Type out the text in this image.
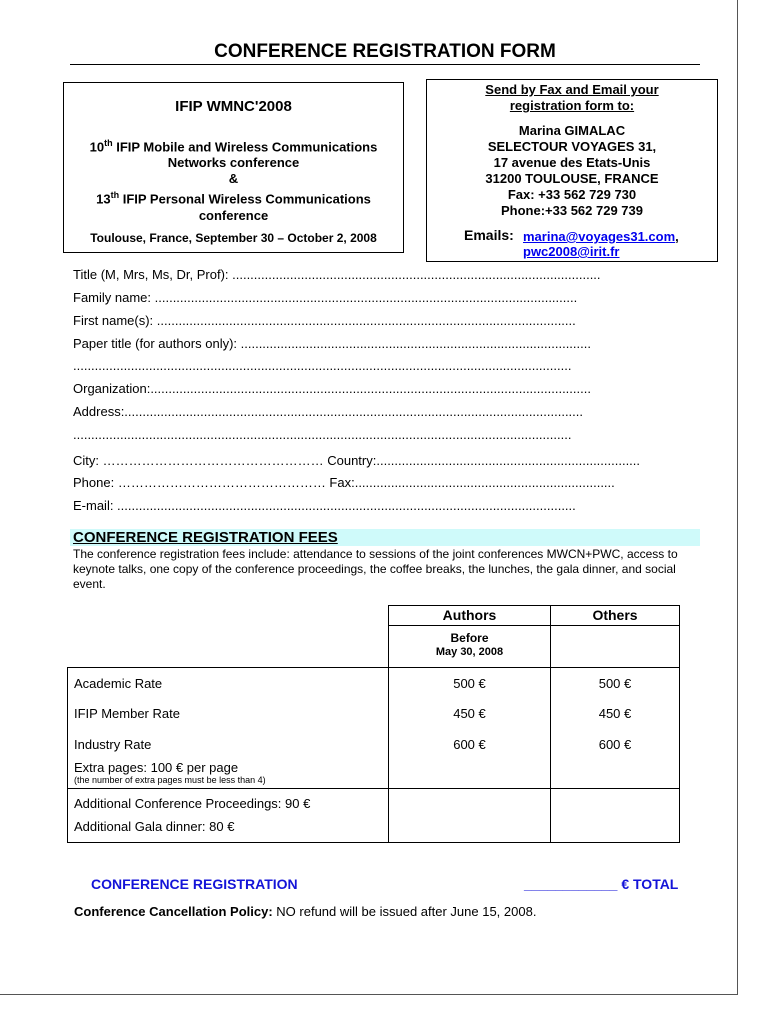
CONFERENCE REGISTRATION FORM
IFIP WMNC'2008
10th IFIP Mobile and Wireless Communications
Networks conference
&
13th IFIP Personal Wireless Communications
conference
Toulouse, France, September 30 – October 2, 2008
Send by Fax and Email your
registration form to:
Marina GIMALAC
SELECTOUR VOYAGES 31,
17 avenue des Etats-Unis
31200 TOULOUSE, FRANCE
Fax: +33 562 729 730
Phone:+33 562 729 739
Emails: marina@voyages31.com,
pwc2008@irit.fr
Title (M, Mrs, Ms, Dr, Prof): ......................................................................................................
Family name: .....................................................................................................................
First name(s): ....................................................................................................................
Paper title (for authors only): .................................................................................................
..........................................................................................................................................
Organization:..........................................................................................................................
Address:...............................................................................................................................
..........................................................................................................................................
City: …………………………………………… Country:.........................................................................
Phone: ………………………………………… Fax:........................................................................
E-mail: ...............................................................................................................................
CONFERENCE REGISTRATION FEES
The conference registration fees include: attendance to sessions of the joint conferences MWCN+PWC, access to keynote talks, one copy of the conference proceedings, the coffee breaks, the lunches, the gala dinner, and social event.
Authors	Others
Before
May 30, 2008
Academic Rate	500 €	500 €
IFIP Member Rate	450 €	450 €
Industry Rate	600 €	600 €
Extra pages: 100 € per page
(the number of extra pages must be less than 4)
Additional Conference Proceedings: 90 €
Additional Gala dinner: 80 €
CONFERENCE REGISTRATION	____________ € TOTAL
Conference Cancellation Policy: NO refund will be issued after June 15, 2008.
